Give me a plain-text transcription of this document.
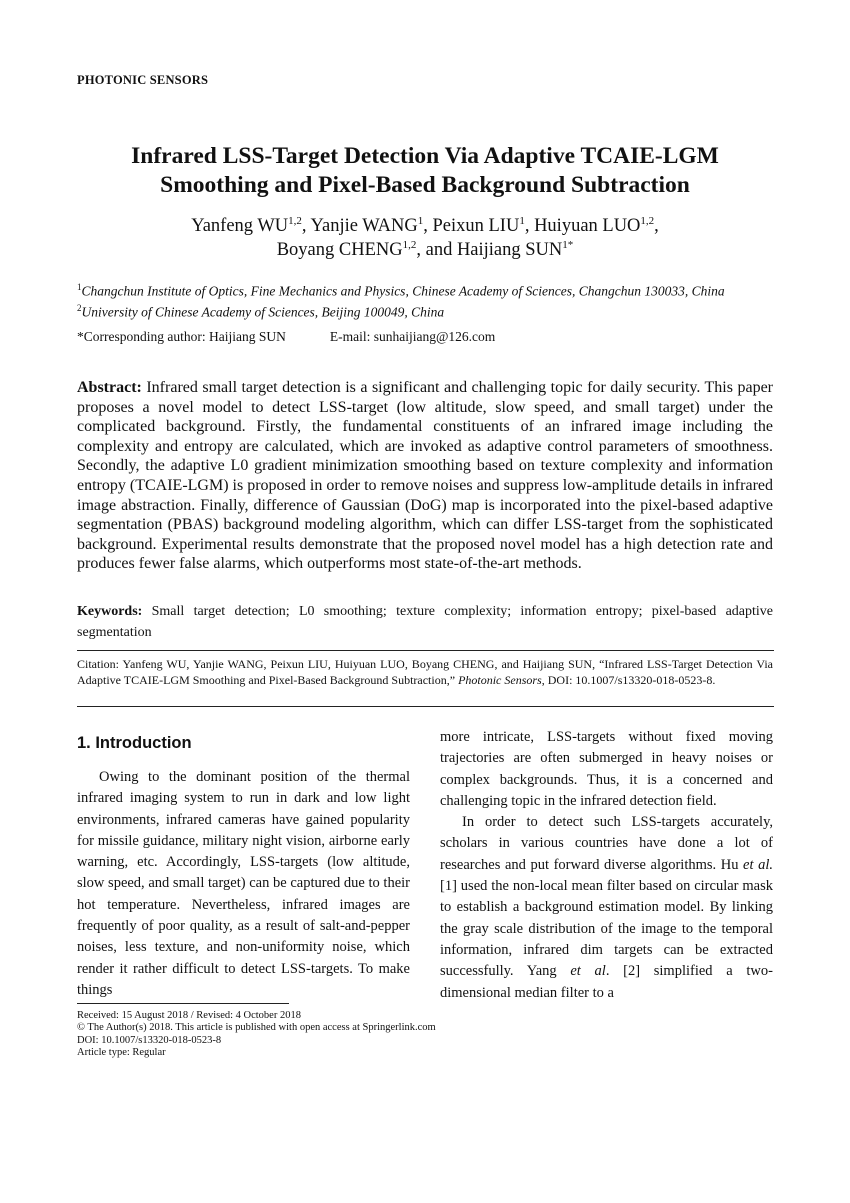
PHOTONIC SENSORS
Infrared LSS-Target Detection Via Adaptive TCAIE-LGM
Smoothing and Pixel-Based Background Subtraction
Yanfeng WU$^{1,2}$, Yanjie WANG$^1$, Peixun LIU$^1$, Huiyuan LUO$^{1,2}$,
Boyang CHENG$^{1,2}$, and Haijiang $SUN^{1*}$
$^1$Changchun Institute of Optics, Fine Mechanics and Physics, Chinese Academy of Sciences, Changchun 130033, China
$^2$University of Chinese Academy of Sciences, Beijing 100049, China
*Corresponding author: Haijiang SUN	E-mail: sunhaijiang@126.com
Abstract: Infrared small target detection is a significant and challenging topic for daily security. This paper proposes a novel model to detect LSS-target (low altitude, slow speed, and small target) under the complicated background. Firstly, the fundamental constituents of an infrared image including the complexity and entropy are calculated, which are invoked as adaptive control parameters of smoothness. Secondly, the adaptive L0 gradient minimization smoothing based on texture complexity and information entropy (TCAIE-LGM) is proposed in order to remove noises and suppress low-amplitude details in infrared image abstraction. Finally, difference of Gaussian (DoG) map is incorporated into the pixel-based adaptive segmentation (PBAS) background modeling algorithm, which can differ LSS-target from the sophisticated background. Experimental results demonstrate that the proposed novel model has a high detection rate and produces fewer false alarms, which outperforms most state-of-the-art methods.
Keywords: Small target detection; L0 smoothing; texture complexity; information entropy; pixel-based adaptive segmentation
Citation: Yanfeng WU, Yanjie WANG, Peixun LIU, Huiyuan LUO, Boyang CHENG, and Haijiang SUN, “Infrared LSS-Target Detection Via Adaptive TCAIE-LGM Smoothing and Pixel-Based Background Subtraction,” Photonic Sensors, DOI: 10.1007/s13320-018-0523-8.
1. Introduction

Owing to the dominant position of the thermal infrared imaging system to run in dark and low light environments, infrared cameras have gained popularity for missile guidance, military night vision, airborne early warning, etc. Accordingly, LSS-targets (low altitude, slow speed, and small target) can be captured due to their hot temperature. Nevertheless, infrared images are frequently of poor quality, as a result of salt-and-pepper noises, less texture, and non-uniformity noise, which render it rather difficult to detect LSS-targets. To make things

more intricate, LSS-targets without fixed moving trajectories are often submerged in heavy noises or complex backgrounds. Thus, it is a concerned and challenging topic in the infrared detection field.

In order to detect such LSS-targets accurately, scholars in various countries have done a lot of researches and put forward diverse algorithms. Hu et al. [1] used the non-local mean filter based on circular mask to establish a background estimation model. By linking the gray scale distribution of the image to the temporal information, infrared dim targets can be extracted successfully. Yang et al. [2] simplified a two-dimensional median filter to a

Received: 15 August 2018 / Revised: 4 October 2018
© The Author(s) 2018. This article is published with open access at Springerlink.com
DOI: 10.1007/s13320-018-0523-8
Article type: Regular
